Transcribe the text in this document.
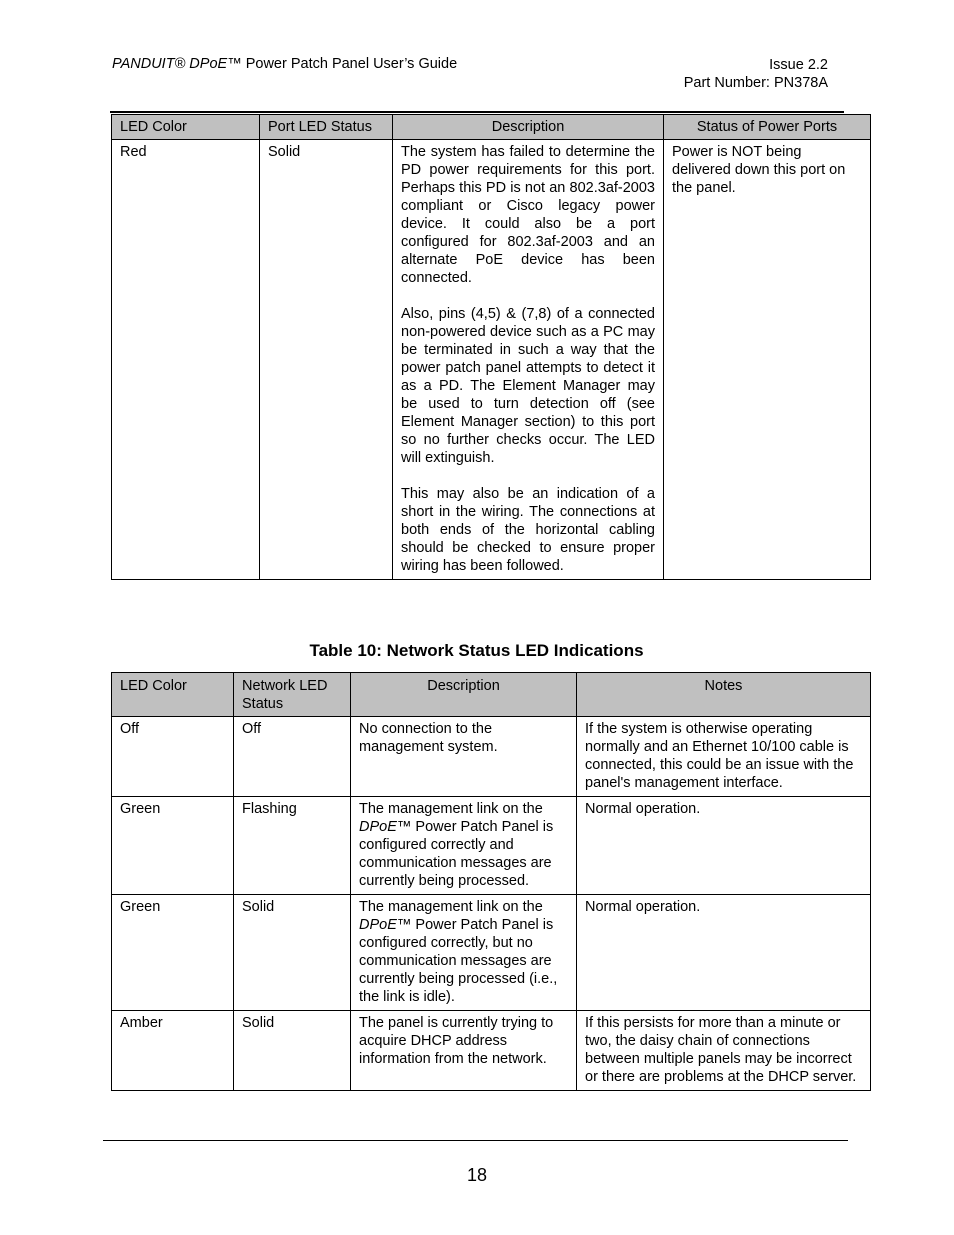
PANDUIT® DPoE™ Power Patch Panel User’s Guide	Issue 2.2
Part Number: PN378A
LED Color	Port LED Status	Description	Status of Power Ports
Red	Solid	The system has failed to determine the PD power requirements for this port. Perhaps this PD is not an 802.3af-2003 compliant or Cisco legacy power device. It could also be a port configured for 802.3af-2003 and an alternate PoE device has been connected.

Also, pins (4,5) & (7,8) of a connected non-powered device such as a PC may be terminated in such a way that the power patch panel attempts to detect it as a PD. The Element Manager may be used to turn detection off (see Element Manager section) to this port so no further checks occur. The LED will extinguish.

This may also be an indication of a short in the wiring. The connections at both ends of the horizontal cabling should be checked to ensure proper wiring has been followed.	Power is NOT being delivered down this port on the panel.
Table 10: Network Status LED Indications
LED Color	Network LED Status	Description	Notes
Off	Off	No connection to the management system.	If the system is otherwise operating normally and an Ethernet 10/100 cable is connected, this could be an issue with the panel's management interface.
Green	Flashing	The management link on the DPoE™ Power Patch Panel is configured correctly and communication messages are currently being processed.	Normal operation.
Green	Solid	The management link on the DPoE™ Power Patch Panel is configured correctly, but no communication messages are currently being processed (i.e., the link is idle).	Normal operation.
Amber	Solid	The panel is currently trying to acquire DHCP address information from the network.	If this persists for more than a minute or two, the daisy chain of connections between multiple panels may be incorrect or there are problems at the DHCP server.
18
